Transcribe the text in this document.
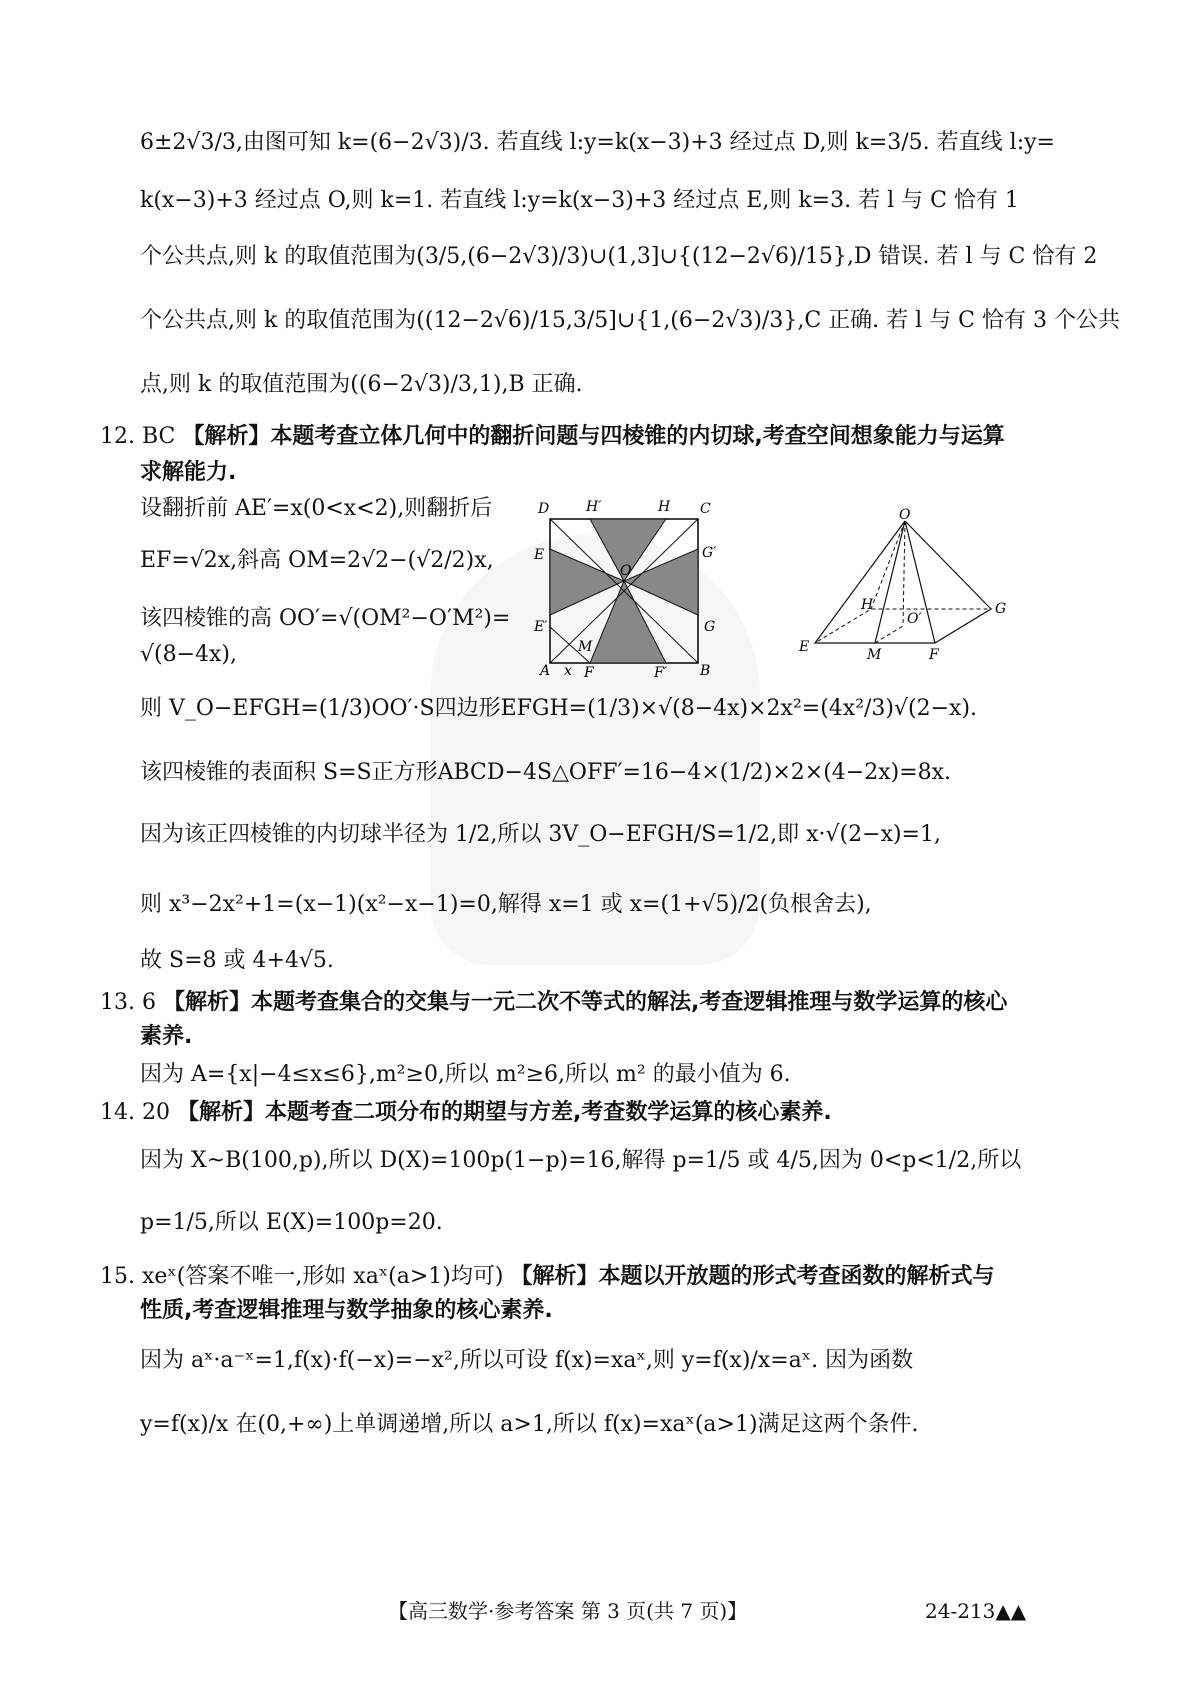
6±2√3/3,由图可知 k=(6−2√3)/3. 若直线 l:y=k(x−3)+3 经过点 D,则 k=3/5. 若直线 l:y=
k(x−3)+3 经过点 O,则 k=1. 若直线 l:y=k(x−3)+3 经过点 E,则 k=3. 若 l 与 C 恰有 1
个公共点,则 k 的取值范围为(3/5,(6−2√3)/3)∪(1,3]∪{(12−2√6)/15},D 错误. 若 l 与 C 恰有 2
个公共点,则 k 的取值范围为((12−2√6)/15,3/5]∪{1,(6−2√3)/3},C 正确. 若 l 与 C 恰有 3 个公共
点,则 k 的取值范围为((6−2√3)/3,1),B 正确.
12. BC 【解析】本题考查立体几何中的翻折问题与四棱锥的内切球,考查空间想象能力与运算
求解能力.
设翻折前 AE′=x(0<x<2),则翻折后
EF=√2x,斜高 OM=2√2−(√2/2)x,
该四棱锥的高 OO′=√(OM²−O′M²)=
√(8−4x),
则 V_O−EFGH=(1/3)OO′·S四边形EFGH=(1/3)×√(8−4x)×2x²=(4x²/3)√(2−x).
该四棱锥的表面积 S=S正方形ABCD−4S△OFF′=16−4×(1/2)×2×(4−2x)=8x.
因为该正四棱锥的内切球半径为 1/2,所以 3V_O−EFGH/S=1/2,即 x·√(2−x)=1,
则 x³−2x²+1=(x−1)(x²−x−1)=0,解得 x=1 或 x=(1+√5)/2(负根舍去),
故 S=8 或 4+4√5.
D	H′	H C
E	G′
O
E′	G
M
A x F	F′ B
O
H
O′
G
E	M	F
13. 6 【解析】本题考查集合的交集与一元二次不等式的解法,考查逻辑推理与数学运算的核心
素养.
因为 A={x|−4≤x≤6},m²≥0,所以 m²≥6,所以 m² 的最小值为 6.
14. 20 【解析】本题考查二项分布的期望与方差,考查数学运算的核心素养.
因为 X~B(100,p),所以 D(X)=100p(1−p)=16,解得 p=1/5 或 4/5,因为 0<p<1/2,所以
p=1/5,所以 E(X)=100p=20.
15. xeˣ(答案不唯一,形如 xaˣ(a>1)均可) 【解析】本题以开放题的形式考查函数的解析式与
性质,考查逻辑推理与数学抽象的核心素养.
因为 aˣ·a⁻ˣ=1,f(x)·f(−x)=−x²,所以可设 f(x)=xaˣ,则 y=f(x)/x=aˣ. 因为函数
y=f(x)/x 在(0,+∞)上单调递增,所以 a>1,所以 f(x)=xaˣ(a>1)满足这两个条件.
【高三数学·参考答案 第 3 页(共 7 页)】	24-213▲▲
